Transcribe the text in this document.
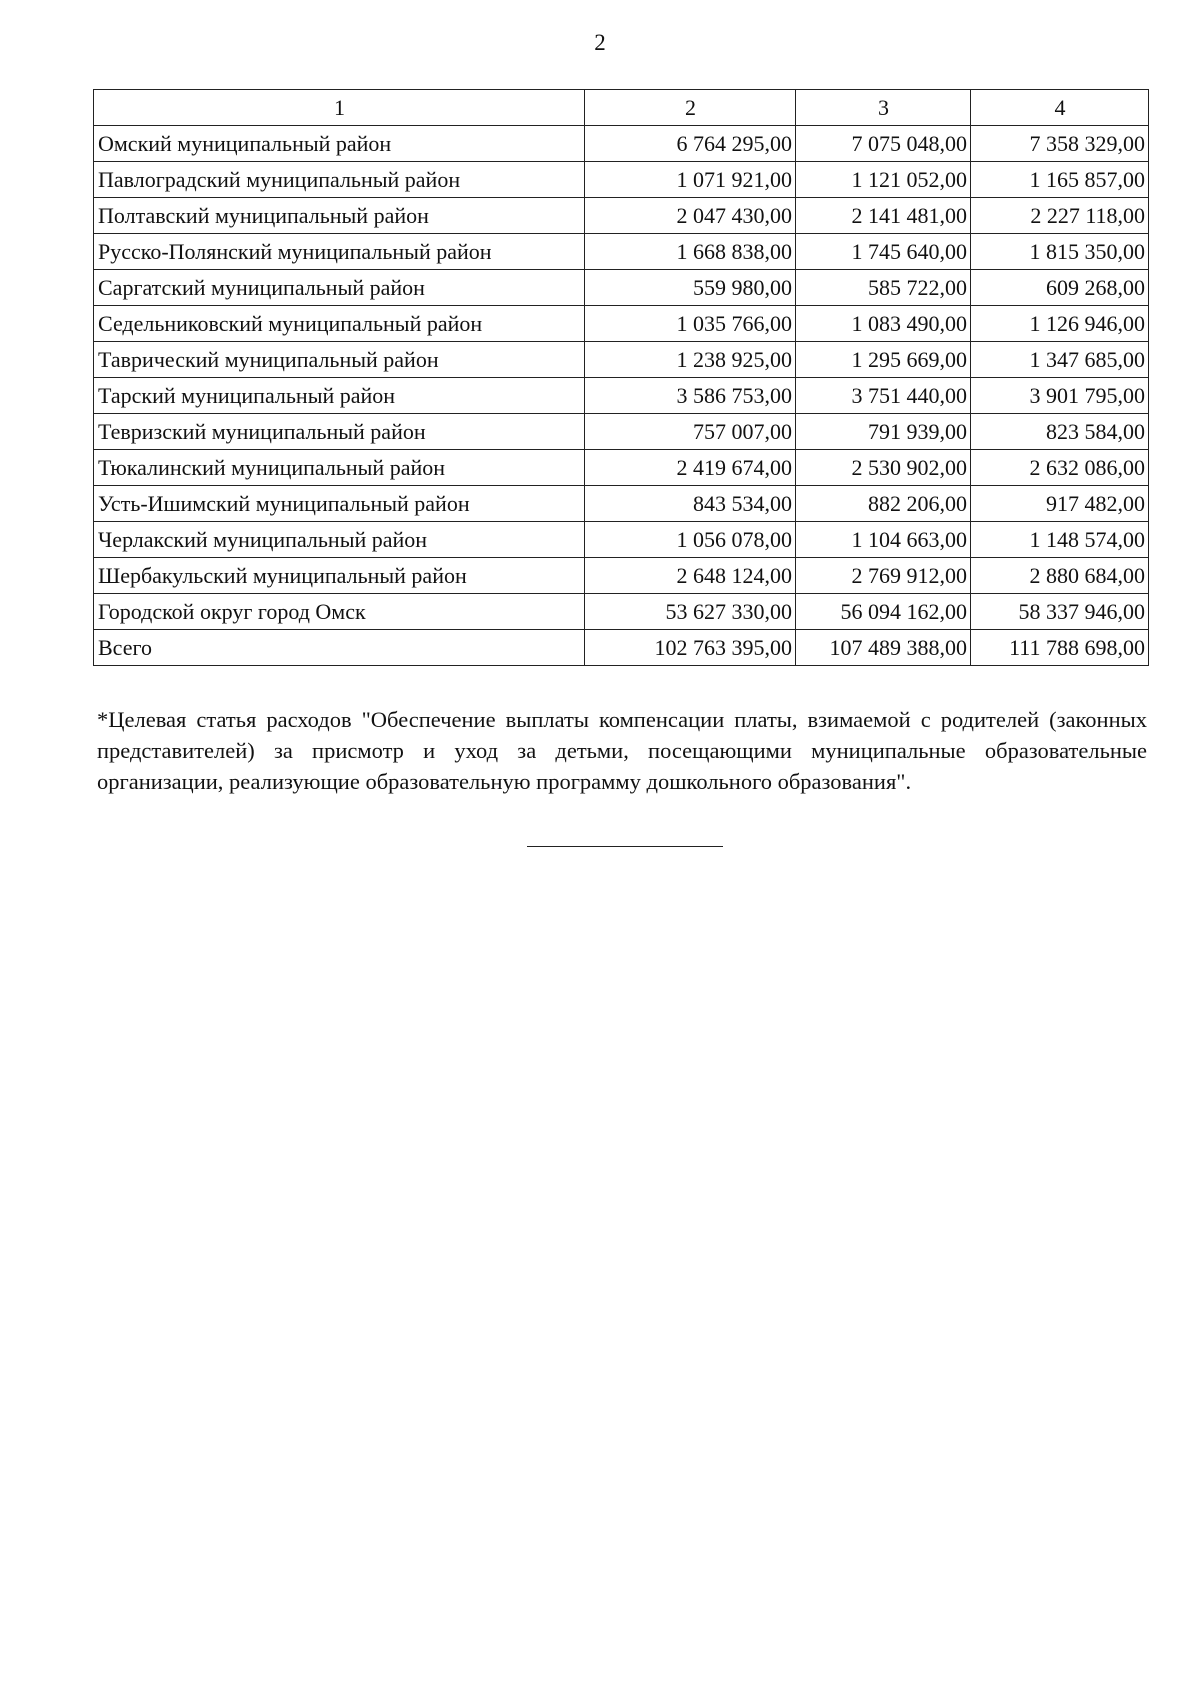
2
1	2	3	4
Омский муниципальный район	6 764 295,00	7 075 048,00	7 358 329,00
Павлоградский муниципальный район	1 071 921,00	1 121 052,00	1 165 857,00
Полтавский муниципальный район	2 047 430,00	2 141 481,00	2 227 118,00
Русско-Полянский муниципальный район	1 668 838,00	1 745 640,00	1 815 350,00
Саргатский муниципальный район	559 980,00	585 722,00	609 268,00
Седельниковский муниципальный район	1 035 766,00	1 083 490,00	1 126 946,00
Таврический муниципальный район	1 238 925,00	1 295 669,00	1 347 685,00
Тарский муниципальный район	3 586 753,00	3 751 440,00	3 901 795,00
Тевризский муниципальный район	757 007,00	791 939,00	823 584,00
Тюкалинский муниципальный район	2 419 674,00	2 530 902,00	2 632 086,00
Усть-Ишимский муниципальный район	843 534,00	882 206,00	917 482,00
Черлакский муниципальный район	1 056 078,00	1 104 663,00	1 148 574,00
Шербакульский муниципальный район	2 648 124,00	2 769 912,00	2 880 684,00
Городской округ город Омск	53 627 330,00	56 094 162,00	58 337 946,00
Всего	102 763 395,00	107 489 388,00	111 788 698,00

*Целевая статья расходов "Обеспечение выплаты компенсации платы, взимаемой с родителей (законных представителей) за присмотр и уход за детьми, посещающими муниципальные образовательные организации, реализующие образовательную программу дошкольного образования".
